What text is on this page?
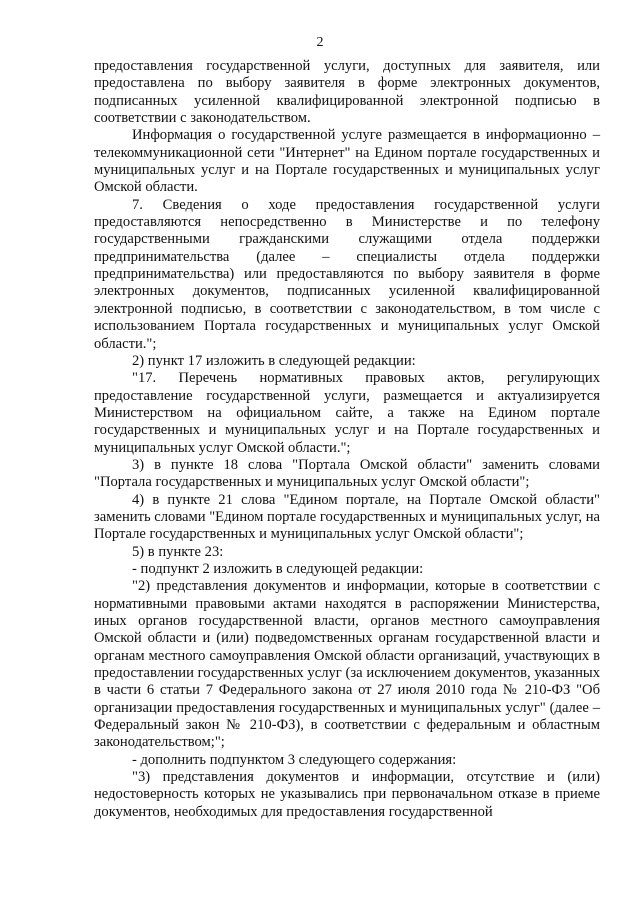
2

предоставления государственной услуги, доступных для заявителя, или предоставлена по выбору заявителя в форме электронных документов, подписанных усиленной квалифицированной электронной подписью в соответствии с законодательством.

Информация о государственной услуге размещается в информационно – телекоммуникационной сети "Интернет" на Едином портале государственных и муниципальных услуг и на Портале государственных и муниципальных услуг Омской области.

7. Сведения о ходе предоставления государственной услуги предоставляются непосредственно в Министерстве и по телефону государственными гражданскими служащими отдела поддержки предпринимательства (далее – специалисты отдела поддержки предпринимательства) или предоставляются по выбору заявителя в форме электронных документов, подписанных усиленной квалифицированной электронной подписью, в соответствии с законодательством, в том числе с использованием Портала государственных и муниципальных услуг Омской области.";

2) пункт 17 изложить в следующей редакции:

"17. Перечень нормативных правовых актов, регулирующих предоставление государственной услуги, размещается и актуализируется Министерством на официальном сайте, а также на Едином портале государственных и муниципальных услуг и на Портале государственных и муниципальных услуг Омской области.";

3) в пункте 18 слова "Портала Омской области" заменить словами "Портала государственных и муниципальных услуг Омской области";

4) в пункте 21 слова "Едином портале, на Портале Омской области" заменить словами "Едином портале государственных и муниципальных услуг, на Портале государственных и муниципальных услуг Омской области";

5) в пункте 23:

- подпункт 2 изложить в следующей редакции:

"2) представления документов и информации, которые в соответствии с нормативными правовыми актами находятся в распоряжении Министерства, иных органов государственной власти, органов местного самоуправления Омской области и (или) подведомственных органам государственной власти и органам местного самоуправления Омской области организаций, участвующих в предоставлении государственных услуг (за исключением документов, указанных в части 6 статьи 7 Федерального закона от 27 июля 2010 года № 210-ФЗ "Об организации предоставления государственных и муниципальных услуг" (далее – Федеральный закон № 210-ФЗ), в соответствии с федеральным и областным законодательством;";

- дополнить подпунктом 3 следующего содержания:

"3) представления документов и информации, отсутствие и (или) недостоверность которых не указывались при первоначальном отказе в приеме документов, необходимых для предоставления государственной
